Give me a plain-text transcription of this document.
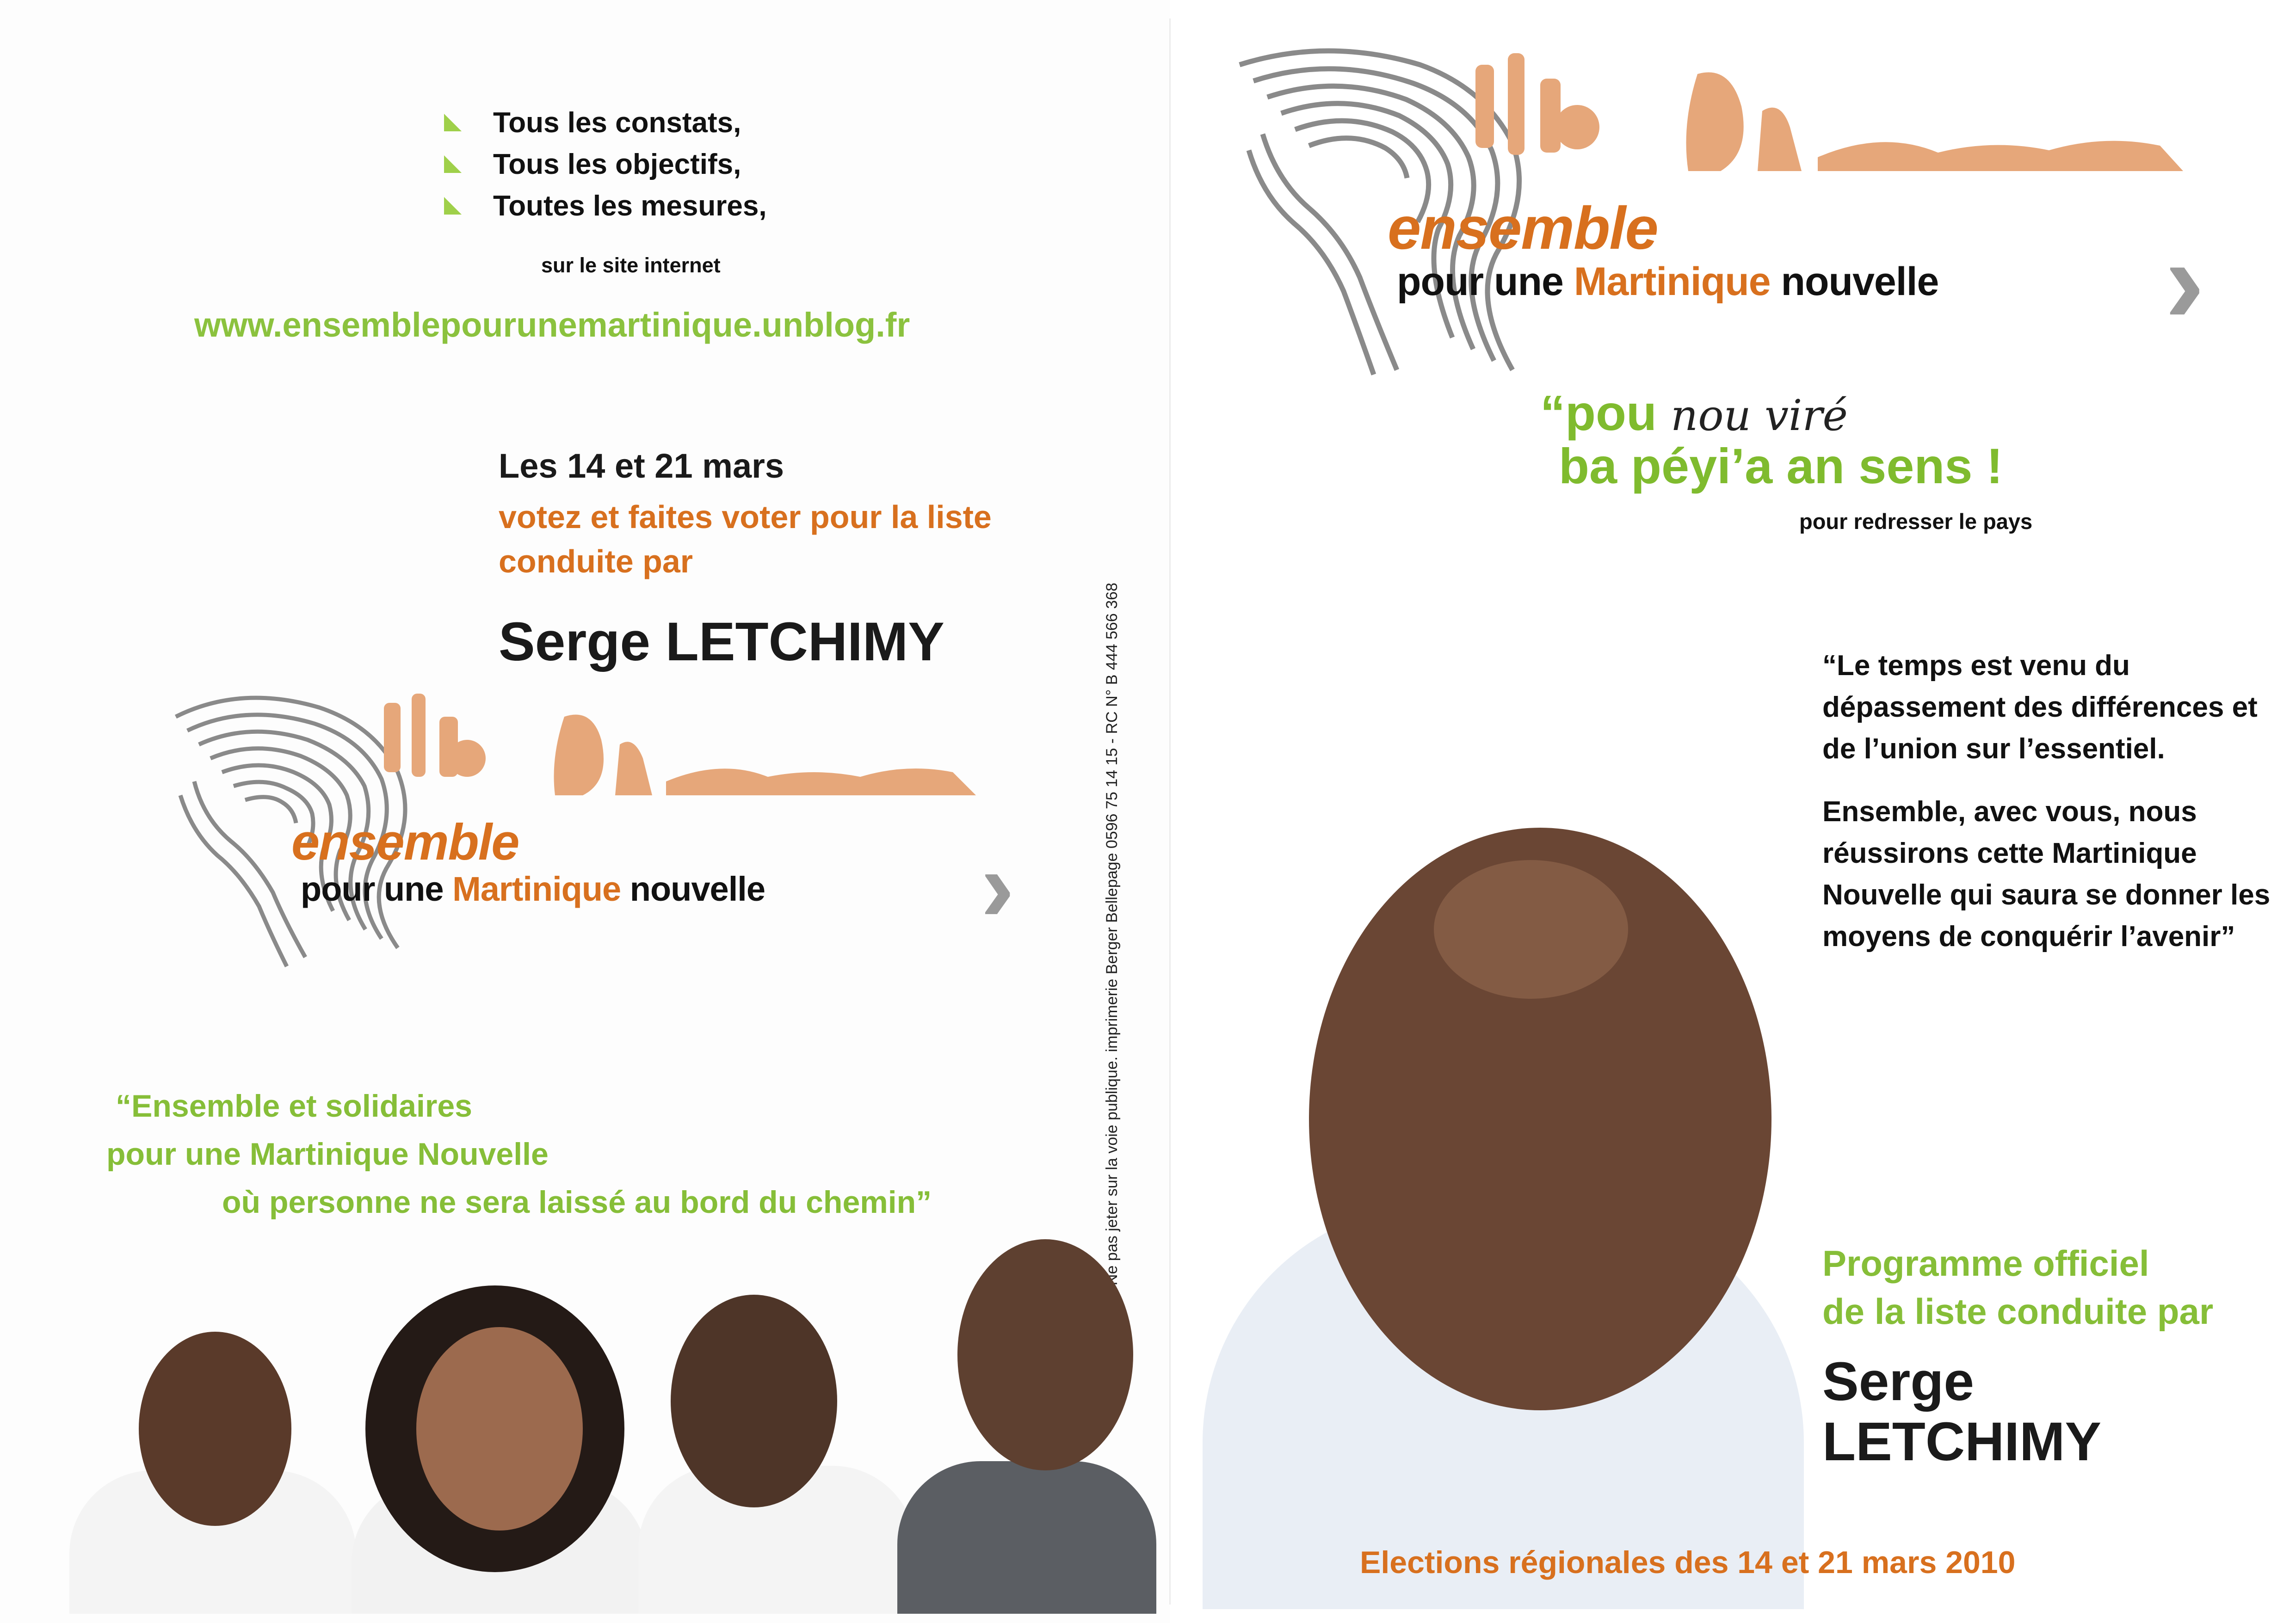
Tous les constats,
Tous les objectifs,
Toutes les mesures,
sur le site internet
www.ensemblepourunemartinique.unblog.fr
Les 14 et 21 mars
votez et faites voter pour la liste
conduite par
Serge LETCHIMY
ensemble
pour une Martinique nouvelle ›
“Ensemble et solidaires
pour une Martinique Nouvelle
où personne ne sera laissé au bord du chemin”	Ne pas jeter sur la voie publique. imprimerie Berger Bellepage 0596 75 14 15 - RC N° B 444 566 368
ensemble
pour une Martinique nouvelle ›
“pou nou viré
ba péyi’a an sens !
pour redresser le pays

“Le temps est venu du dépassement des différences et de l’union sur l’essentiel.

Ensemble, avec vous, nous réussirons cette Martinique Nouvelle qui saura se donner les moyens de conquérir l’avenir”

Programme officiel
de la liste conduite par
Serge
LETCHIMY
Elections régionales des 14 et 21 mars 2010
